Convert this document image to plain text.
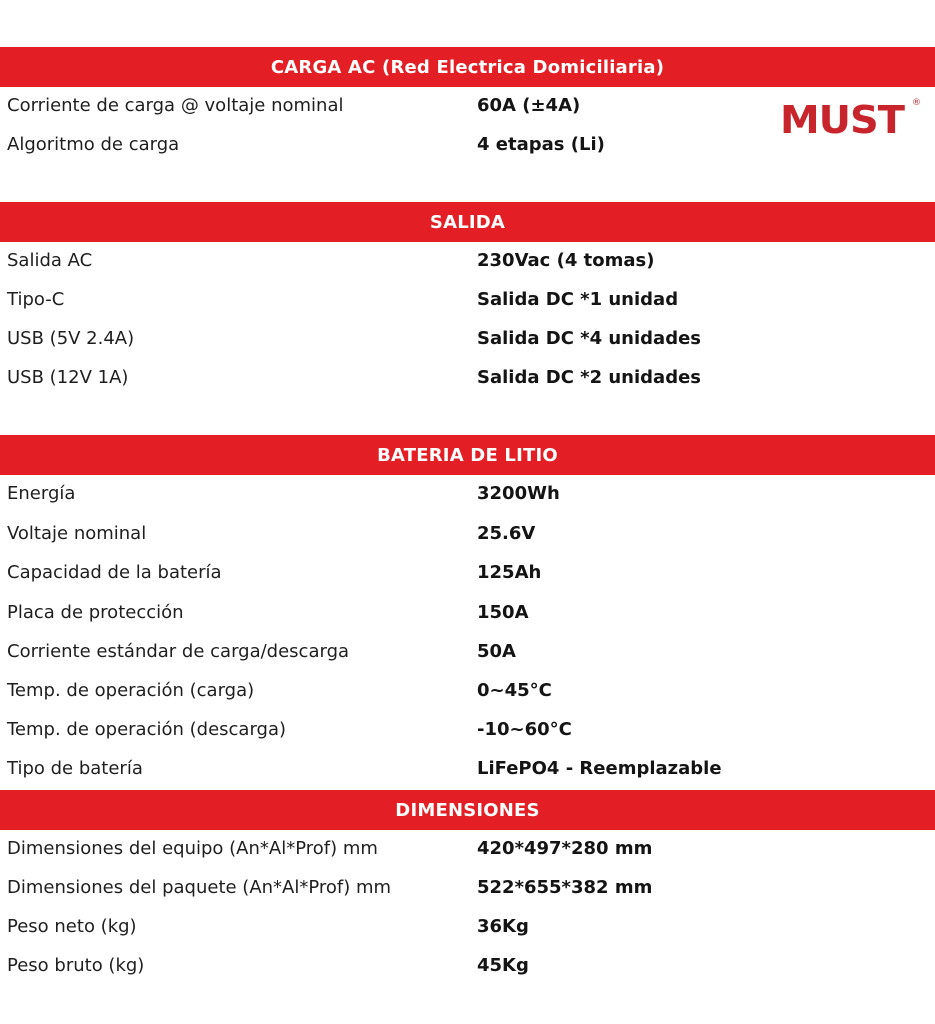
CARGA AC (Red Electrica Domiciliaria)
Corriente de carga @ voltaje nominal	60A (±4A)
Algoritmo de carga	4 etapas (Li)
MUST ®
SALIDA
Salida AC	230Vac (4 tomas)
Tipo-C	Salida DC *1 unidad
USB (5V 2.4A)	Salida DC *4 unidades
USB (12V 1A)	Salida DC *2 unidades
BATERIA DE LITIO
Energía	3200Wh
Voltaje nominal	25.6V
Capacidad de la batería	125Ah
Placa de protección	150A
Corriente estándar de carga/descarga	50A
Temp. de operación (carga)	0~45°C
Temp. de operación (descarga)	-10~60°C
Tipo de batería	LiFePO4 - Reemplazable
DIMENSIONES
Dimensiones del equipo (An*Al*Prof) mm	420*497*280 mm
Dimensiones del paquete (An*Al*Prof) mm	522*655*382 mm
Peso neto (kg)	36Kg
Peso bruto (kg)	45Kg
